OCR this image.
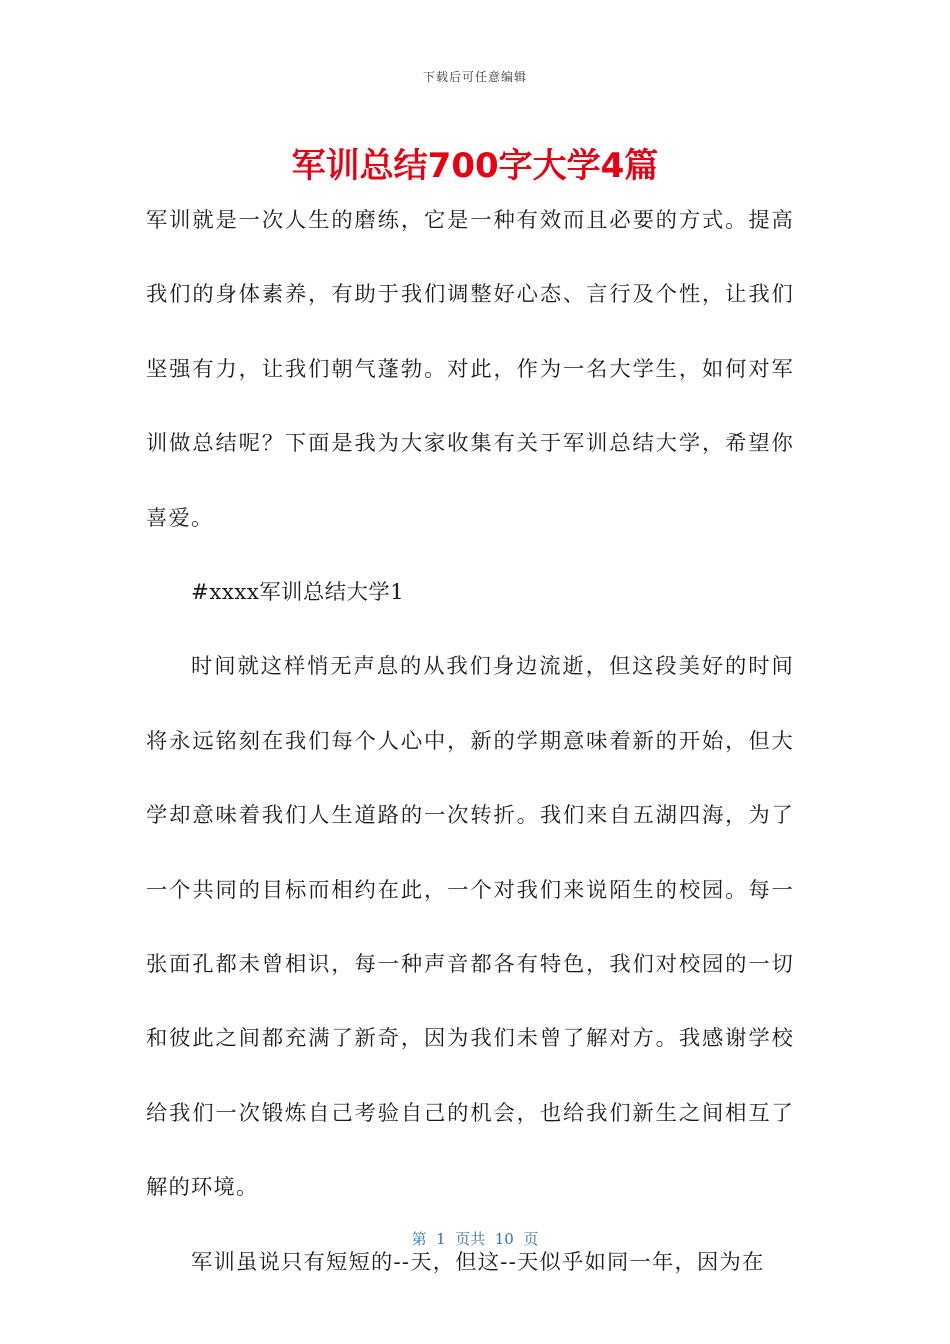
下载后可任意编辑
军训总结700字大学4篇

军训就是一次人生的磨练，它是一种有效而且必要的方式。提高我们的身体素养，有助于我们调整好心态、言行及个性，让我们坚强有力，让我们朝气蓬勃。对此，作为一名大学生，如何对军训做总结呢？下面是我为大家收集有关于军训总结大学，希望你喜爱。

#xxxx军训总结大学1

时间就这样悄无声息的从我们身边流逝，但这段美好的时间将永远铭刻在我们每个人心中，新的学期意味着新的开始，但大学却意味着我们人生道路的一次转折。我们来自五湖四海，为了一个共同的目标而相约在此，一个对我们来说陌生的校园。每一张面孔都未曾相识，每一种声音都各有特色，我们对校园的一切和彼此之间都充满了新奇，因为我们未曾了解对方。我感谢学校给我们一次锻炼自己考验自己的机会，也给我们新生之间相互了解的环境。

军训虽说只有短短的--天，但这--天似乎如同一年，因为在

第  1  页共  10  页
